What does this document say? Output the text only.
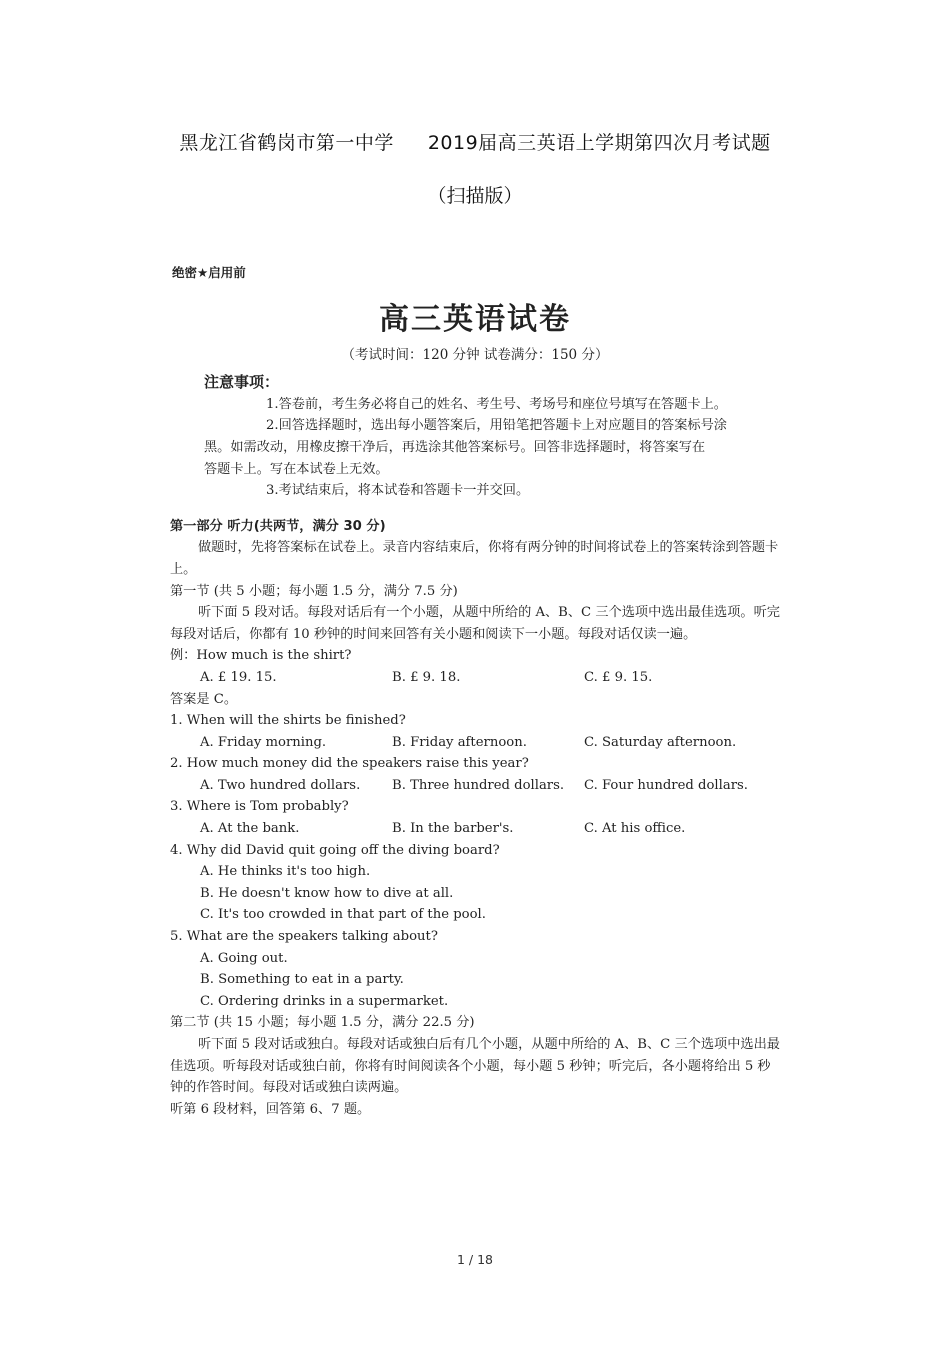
黑龙江省鹤岗市第一中学 2019届高三英语上学期第四次月考试题
（扫描版）

绝密★启用前

高三英语试卷

（考试时间：120 分钟 试卷满分：150 分）

注意事项：

1.答卷前，考生务必将自己的姓名、考生号、考场号和座位号填写在答题卡上。

2.回答选择题时，选出每小题答案后，用铅笔把答题卡上对应题目的答案标号涂

黑。如需改动，用橡皮擦干净后，再选涂其他答案标号。回答非选择题时，将答案写在

答题卡上。写在本试卷上无效。

3.考试结束后，将本试卷和答题卡一并交回。

第一部分 听力(共两节，满分 30 分)

做题时，先将答案标在试卷上。录音内容结束后，你将有两分钟的时间将试卷上的答案转涂到答题卡上。

第一节 (共 5 小题；每小题 1.5 分，满分 7.5 分)

听下面 5 段对话。每段对话后有一个小题，从题中所给的 A、B、C 三个选项中选出最佳选项。听完每段对话后，你都有 10 秒钟的时间来回答有关小题和阅读下一小题。每段对话仅读一遍。

例：How much is the shirt?

A. £ 19. 15.	B. £ 9. 18.	C. £ 9. 15.

答案是 C。

1. When will the shirts be finished?

A. Friday morning.	B. Friday afternoon.	C. Saturday afternoon.

2. How much money did the speakers raise this year?

A. Two hundred dollars.	B. Three hundred dollars.	C. Four hundred dollars.

3. Where is Tom probably?

A. At the bank.	B. In the barber's.	C. At his office.

4. Why did David quit going off the diving board?

A. He thinks it's too high.

B. He doesn't know how to dive at all.

C. It's too crowded in that part of the pool.

5. What are the speakers talking about?

A. Going out.

B. Something to eat in a party.

C. Ordering drinks in a supermarket.

第二节 (共 15 小题；每小题 1.5 分，满分 22.5 分)

听下面 5 段对话或独白。每段对话或独白后有几个小题，从题中所给的 A、B、C 三个选项中选出最佳选项。听每段对话或独白前，你将有时间阅读各个小题，每小题 5 秒钟；听完后，各小题将给出 5 秒钟的作答时间。每段对话或独白读两遍。

听第 6 段材料，回答第 6、7 题。

1 / 18
